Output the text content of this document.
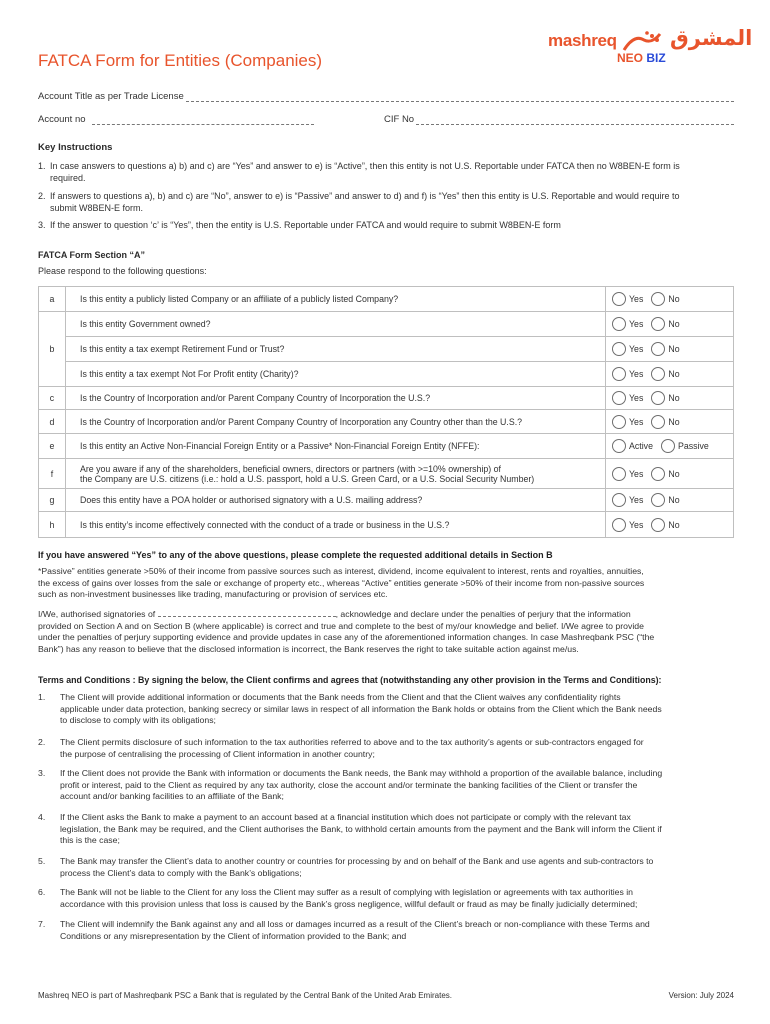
mashreq	المشرق
NEO BIZ
FATCA Form for Entities (Companies)
Account Title as per Trade License
Account no	CIF No
Key Instructions
1. In case answers to questions a) b) and c) are “Yes” and answer to e) is “Active”, then this entity is not U.S. Reportable under FATCA then no W8BEN-E form is
required.
2. If answers to questions a), b) and c) are “No”, answer to e) is “Passive” and answer to d) and f) is “Yes” then this entity is U.S. Reportable and would require to
submit W8BEN-E form.
3. If the answer to question ‘c’ is “Yes”, then the entity is U.S. Reportable under FATCA and would require to submit W8BEN-E form
FATCA Form Section “A”
Please respond to the following questions:
a	Is this entity a publicly listed Company or an affiliate of a publicly listed Company?	Yes No

b	Is this entity Government owned?	Yes No

	Is this entity a tax exempt Retirement Fund or Trust?	Yes No

	Is this entity a tax exempt Not For Profit entity (Charity)?	Yes No

c	Is the Country of Incorporation and/or Parent Company Country of Incorporation the U.S.?	Yes No

d	Is the Country of Incorporation and/or Parent Company Country of Incorporation any Country other than the U.S.?	Yes No

e	Is this entity an Active Non-Financial Foreign Entity or a Passive* Non-Financial Foreign Entity (NFFE):	Active Passive

f	Are you aware if any of the shareholders, beneficial owners, directors or partners (with >=10% ownership) of
the Company are U.S. citizens (i.e.: hold a U.S. passport, hold a U.S. Green Card, or a U.S. Social Security Number)	Yes No

g	Does this entity have a POA holder or authorised signatory with a U.S. mailing address?	Yes No

h	Is this entity’s income effectively connected with the conduct of a trade or business in the U.S.?	Yes No
If you have answered “Yes” to any of the above questions, please complete the requested additional details in Section B
*Passive” entities generate >50% of their income from passive sources such as interest, dividend, income equivalent to interest, rents and royalties, annuities,
the excess of gains over losses from the sale or exchange of property etc., whereas “Active” entities generate >50% of their income from non-passive sources
such as non-investment businesses like trading, manufacturing or provision of services etc.
I/We, authorised signatories of	, acknowledge and declare under the penalties of perjury that the information
provided on Section A and on Section B (where applicable) is correct and true and complete to the best of my/our knowledge and belief. I/We agree to provide
under the penalties of perjury supporting evidence and provide updates in case any of the aforementioned information changes. In case Mashreqbank PSC (“the
Bank”) has any reason to believe that the disclosed information is incorrect, the Bank reserves the right to take suitable action against me/us.
Terms and Conditions : By signing the below, the Client confirms and agrees that (notwithstanding any other provision in the Terms and Conditions):
1. The Client will provide additional information or documents that the Bank needs from the Client and that the Client waives any confidentiality rights
applicable under data protection, banking secrecy or similar laws in respect of all information the Bank holds or obtains from the Client which the Bank needs
to disclose to comply with its obligations;
2. The Client permits disclosure of such information to the tax authorities referred to above and to the tax authority’s agents or sub-contractors engaged for
the purpose of centralising the processing of Client information in another country;
3. If the Client does not provide the Bank with information or documents the Bank needs, the Bank may withhold a proportion of the available balance, including
profit or interest, paid to the Client as required by any tax authority, close the account and/or terminate the banking facilities of the Client or transfer the
account and/or banking facilities to an affiliate of the Bank;
4. If the Client asks the Bank to make a payment to an account based at a financial institution which does not participate or comply with the relevant tax
legislation, the Bank may be required, and the Client authorises the Bank, to withhold certain amounts from the payment and the Bank will inform the Client if
this is the case;
5. The Bank may transfer the Client’s data to another country or countries for processing by and on behalf of the Bank and use agents and sub-contractors to
process the Client’s data to comply with the Bank’s obligations;
6. The Bank will not be liable to the Client for any loss the Client may suffer as a result of complying with legislation or agreements with tax authorities in
accordance with this provision unless that loss is caused by the Bank’s gross negligence, willful default or fraud as may be finally judicially determined;
7. The Client will indemnify the Bank against any and all loss or damages incurred as a result of the Client’s breach or non-compliance with these Terms and
Conditions or any misrepresentation by the Client of information provided to the Bank; and
Mashreq NEO is part of Mashreqbank PSC a Bank that is regulated by the Central Bank of the United Arab Emirates.	Version: July 2024
